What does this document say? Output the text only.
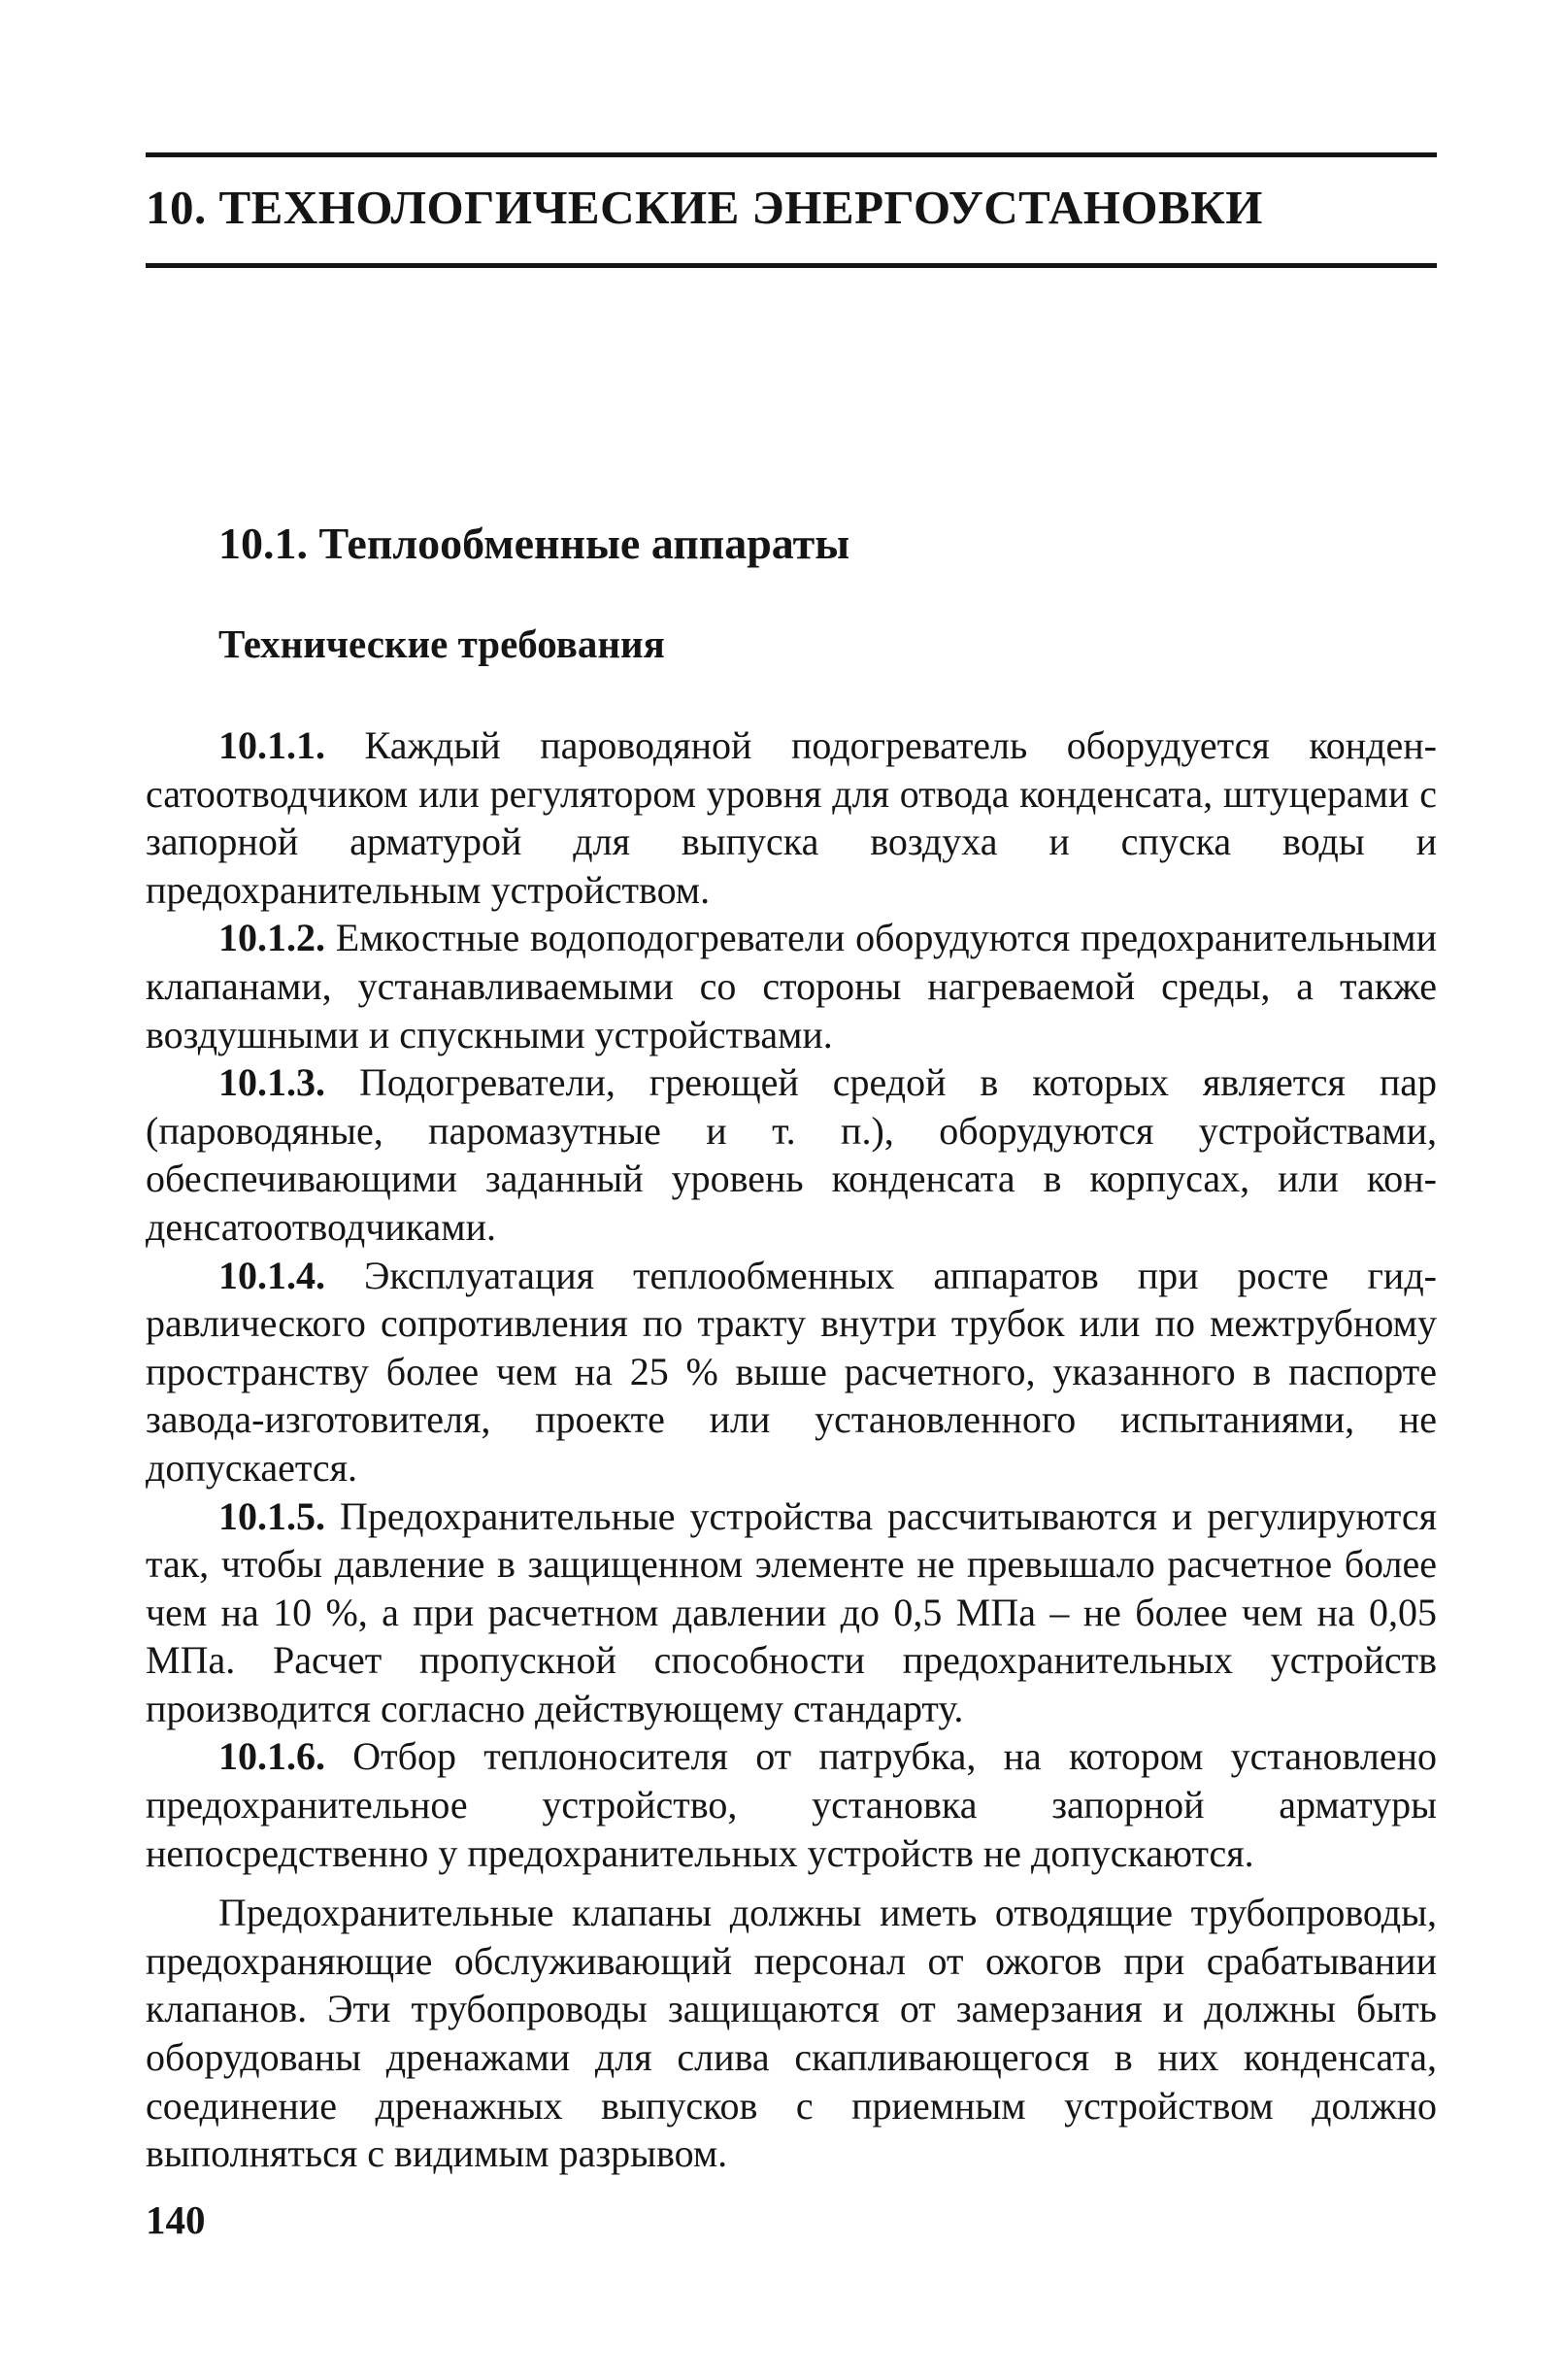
10. ТЕХНОЛОГИЧЕСКИЕ ЭНЕРГОУСТАНОВКИ
10.1. Теплообменные аппараты
Технические требования

10.1.1. Каждый пароводяной подогреватель оборудуется конденсатоотводчиком или регулятором уровня для отвода конденсата, штуцерами с запорной арматурой для выпуска воздуха и спуска воды и предохранительным устройством.

10.1.2. Емкостные водоподогреватели оборудуются предохранительными клапанами, устанавливаемыми со стороны нагреваемой среды, а также воздушными и спускными устройствами.

10.1.3. Подогреватели, греющей средой в которых является пар (пароводяные, паромазутные и т. п.), оборудуются устройствами, обеспечивающими заданный уровень конденсата в корпусах, или конденсатоотводчиками.

10.1.4. Эксплуатация теплообменных аппаратов при росте гидравлического сопротивления по тракту внутри трубок или по межтрубному пространству более чем на 25 % выше расчетного, указанного в паспорте завода-изготовителя, проекте или установленного испытаниями, не допускается.

10.1.5. Предохранительные устройства рассчитываются и регулируются так, чтобы давление в защищенном элементе не превышало расчетное более чем на 10 %, а при расчетном давлении до 0,5 МПа – не более чем на 0,05 МПа. Расчет пропускной способности предохранительных устройств производится согласно действующему стандарту.

10.1.6. Отбор теплоносителя от патрубка, на котором установлено предохранительное устройство, установка запорной арматуры непосредственно у предохранительных устройств не допускаются.

Предохранительные клапаны должны иметь отводящие трубопроводы, предохраняющие обслуживающий персонал от ожогов при срабатывании клапанов. Эти трубопроводы защищаются от замерзания и должны быть оборудованы дренажами для слива скапливающегося в них конденсата, соединение дренажных выпусков с приемным устройством должно выполняться с видимым разрывом.

140
